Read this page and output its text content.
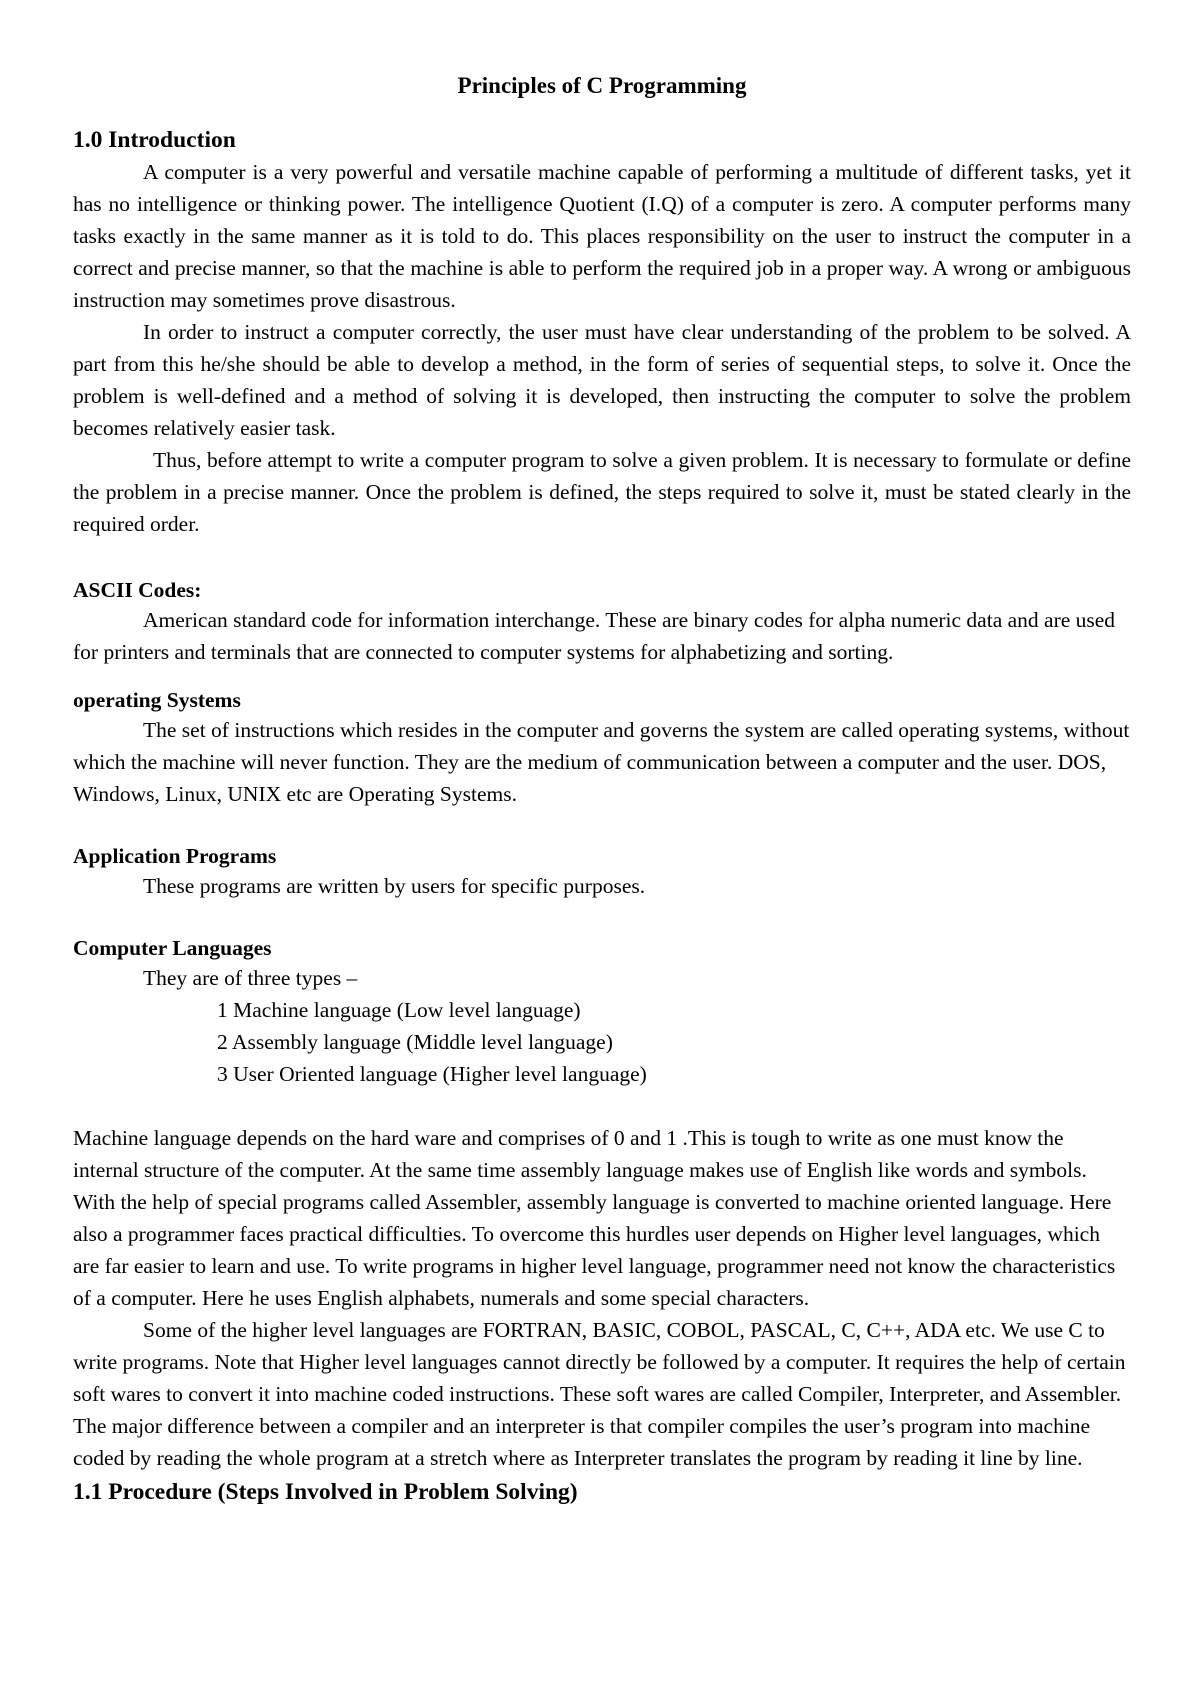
Principles of C Programming
1.0 Introduction

A computer is a very powerful and versatile machine capable of performing a multitude of different tasks, yet it has no intelligence or thinking power. The intelligence Quotient (I.Q) of a computer is zero. A computer performs many tasks exactly in the same manner as it is told to do. This places responsibility on the user to instruct the computer in a correct and precise manner, so that the machine is able to perform the required job in a proper way. A wrong or ambiguous instruction may sometimes prove disastrous.

In order to instruct a computer correctly, the user must have clear understanding of the problem to be solved. A part from this he/she should be able to develop a method, in the form of series of sequential steps, to solve it. Once the problem is well-defined and a method of solving it is developed, then instructing the computer to solve the problem becomes relatively easier task.

Thus, before attempt to write a computer program to solve a given problem. It is necessary to formulate or define the problem in a precise manner. Once the problem is defined, the steps required to solve it, must be stated clearly in the required order.

ASCII Codes:

American standard code for information interchange. These are binary codes for alpha numeric data and are used for printers and terminals that are connected to computer systems for alphabetizing and sorting.

operating Systems

The set of instructions which resides in the computer and governs the system are called operating systems, without which the machine will never function. They are the medium of communication between a computer and the user. DOS, Windows, Linux, UNIX etc are Operating Systems.

Application Programs

These programs are written by users for specific purposes.

Computer Languages

They are of three types –

1 Machine language (Low level language)
2 Assembly language (Middle level language)
3 User Oriented language (Higher level language)

Machine language depends on the hard ware and comprises of 0 and 1 .This is tough to write as one must know the internal structure of the computer. At the same time assembly language makes use of English like words and symbols. With the help of special programs called Assembler, assembly language is converted to machine oriented language. Here also a programmer faces practical difficulties. To overcome this hurdles user depends on Higher level languages, which are far easier to learn and use. To write programs in higher level language, programmer need not know the characteristics of a computer. Here he uses English alphabets, numerals and some special characters.

Some of the higher level languages are FORTRAN, BASIC, COBOL, PASCAL, C, C++, ADA etc. We use C to write programs. Note that Higher level languages cannot directly be followed by a computer. It requires the help of certain soft wares to convert it into machine coded instructions. These soft wares are called Compiler, Interpreter, and Assembler. The major difference between a compiler and an interpreter is that compiler compiles the user’s program into machine coded by reading the whole program at a stretch where as Interpreter translates the program by reading it line by line.

1.1 Procedure (Steps Involved in Problem Solving)
